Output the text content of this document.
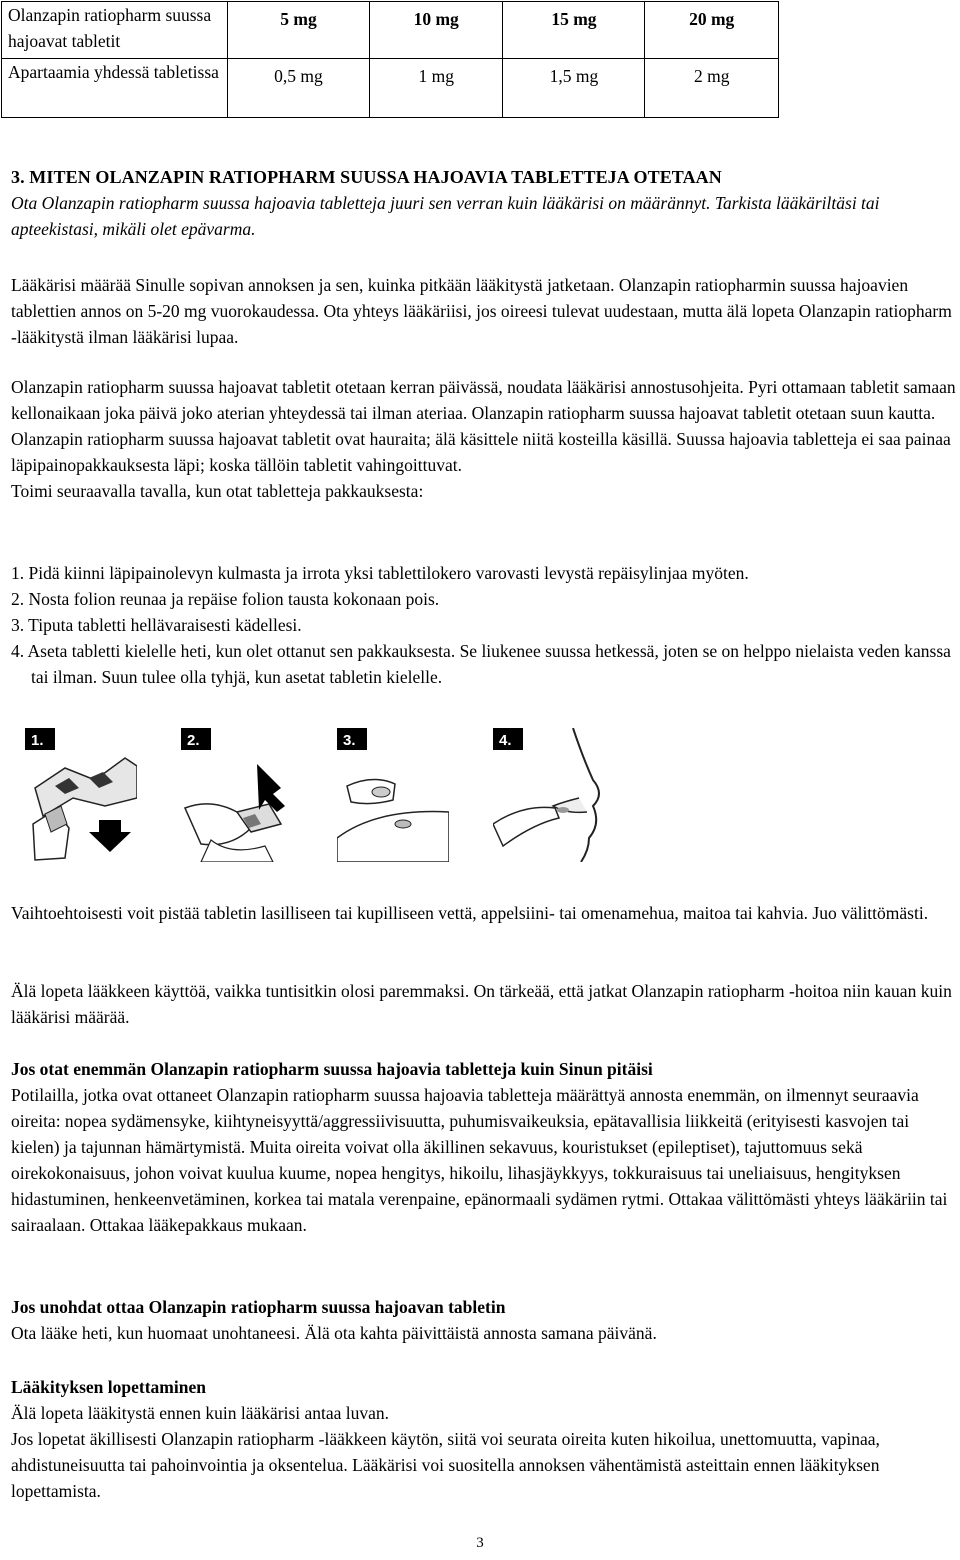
Olanzapin ratiopharm suussa hajoavat tabletit	5 mg	10 mg	15 mg	20 mg
Apartaamia yhdessä tabletissa	0,5 mg	1 mg	1,5 mg	2 mg

3. MITEN OLANZAPIN RATIOPHARM SUUSSA HAJOAVIA TABLETTEJA OTETAAN

Ota Olanzapin ratiopharm suussa hajoavia tabletteja juuri sen verran kuin lääkärisi on määrännyt. Tarkista lääkäriltäsi tai apteekistasi, mikäli olet epävarma.

Lääkärisi määrää Sinulle sopivan annoksen ja sen, kuinka pitkään lääkitystä jatketaan. Olanzapin ratiopharmin suussa hajoavien tablettien annos on 5-20 mg vuorokaudessa. Ota yhteys lääkäriisi, jos oireesi tulevat uudestaan, mutta älä lopeta Olanzapin ratiopharm -lääkitystä ilman lääkärisi lupaa.

Olanzapin ratiopharm suussa hajoavat tabletit otetaan kerran päivässä, noudata lääkärisi annostusohjeita. Pyri ottamaan tabletit samaan kellonaikaan joka päivä joko aterian yhteydessä tai ilman ateriaa. Olanzapin ratiopharm suussa hajoavat tabletit otetaan suun kautta.

Olanzapin ratiopharm suussa hajoavat tabletit ovat hauraita; älä käsittele niitä kosteilla käsillä. Suussa hajoavia tabletteja ei saa painaa läpipainopakkauksesta läpi; koska tällöin tabletit vahingoittuvat.

Toimi seuraavalla tavalla, kun otat tabletteja pakkauksesta:

1. Pidä kiinni läpipainolevyn kulmasta ja irrota yksi tablettilokero varovasti levystä repäisylinjaa myöten.

2. Nosta folion reunaa ja repäise folion tausta kokonaan pois.

3. Tiputa tabletti hellävaraisesti kädellesi.

4. Aseta tabletti kielelle heti, kun olet ottanut sen pakkauksesta. Se liukenee suussa hetkessä, joten se on helppo nielaista veden kanssa tai ilman. Suun tulee olla tyhjä, kun asetat tabletin kielelle.

Vaihtoehtoisesti voit pistää tabletin lasilliseen tai kupilliseen vettä, appelsiini- tai omenamehua, maitoa tai kahvia. Juo välittömästi.

Älä lopeta lääkkeen käyttöä, vaikka tuntisitkin olosi paremmaksi. On tärkeää, että jatkat Olanzapin ratiopharm -hoitoa niin kauan kuin lääkärisi määrää.

Jos otat enemmän Olanzapin ratiopharm suussa hajoavia tabletteja kuin Sinun pitäisi

Potilailla, jotka ovat ottaneet Olanzapin ratiopharm suussa hajoavia tabletteja määrättyä annosta enemmän, on ilmennyt seuraavia oireita: nopea sydämensyke, kiihtyneisyyttä/aggressiivisuutta, puhumisvaikeuksia, epätavallisia liikkeitä (erityisesti kasvojen tai kielen) ja tajunnan hämärtymistä. Muita oireita voivat olla äkillinen sekavuus, kouristukset (epileptiset), tajuttomuus sekä oirekokonaisuus, johon voivat kuulua kuume, nopea hengitys, hikoilu, lihasjäykkyys, tokkuraisuus tai uneliaisuus, hengityksen hidastuminen, henkeenvetäminen, korkea tai matala verenpaine, epänormaali sydämen rytmi. Ottakaa välittömästi yhteys lääkäriin tai sairaalaan. Ottakaa lääkepakkaus mukaan.

Jos unohdat ottaa Olanzapin ratiopharm suussa hajoavan tabletin

Ota lääke heti, kun huomaat unohtaneesi. Älä ota kahta päivittäistä annosta samana päivänä.

Lääkityksen lopettaminen

Älä lopeta lääkitystä ennen kuin lääkärisi antaa luvan.

Jos lopetat äkillisesti Olanzapin ratiopharm -lääkkeen käytön, siitä voi seurata oireita kuten hikoilua, unettomuutta, vapinaa, ahdistuneisuutta tai pahoinvointia ja oksentelua. Lääkärisi voi suositella annoksen vähentämistä asteittain ennen lääkityksen lopettamista.

1.	2.	3.	4.
3
